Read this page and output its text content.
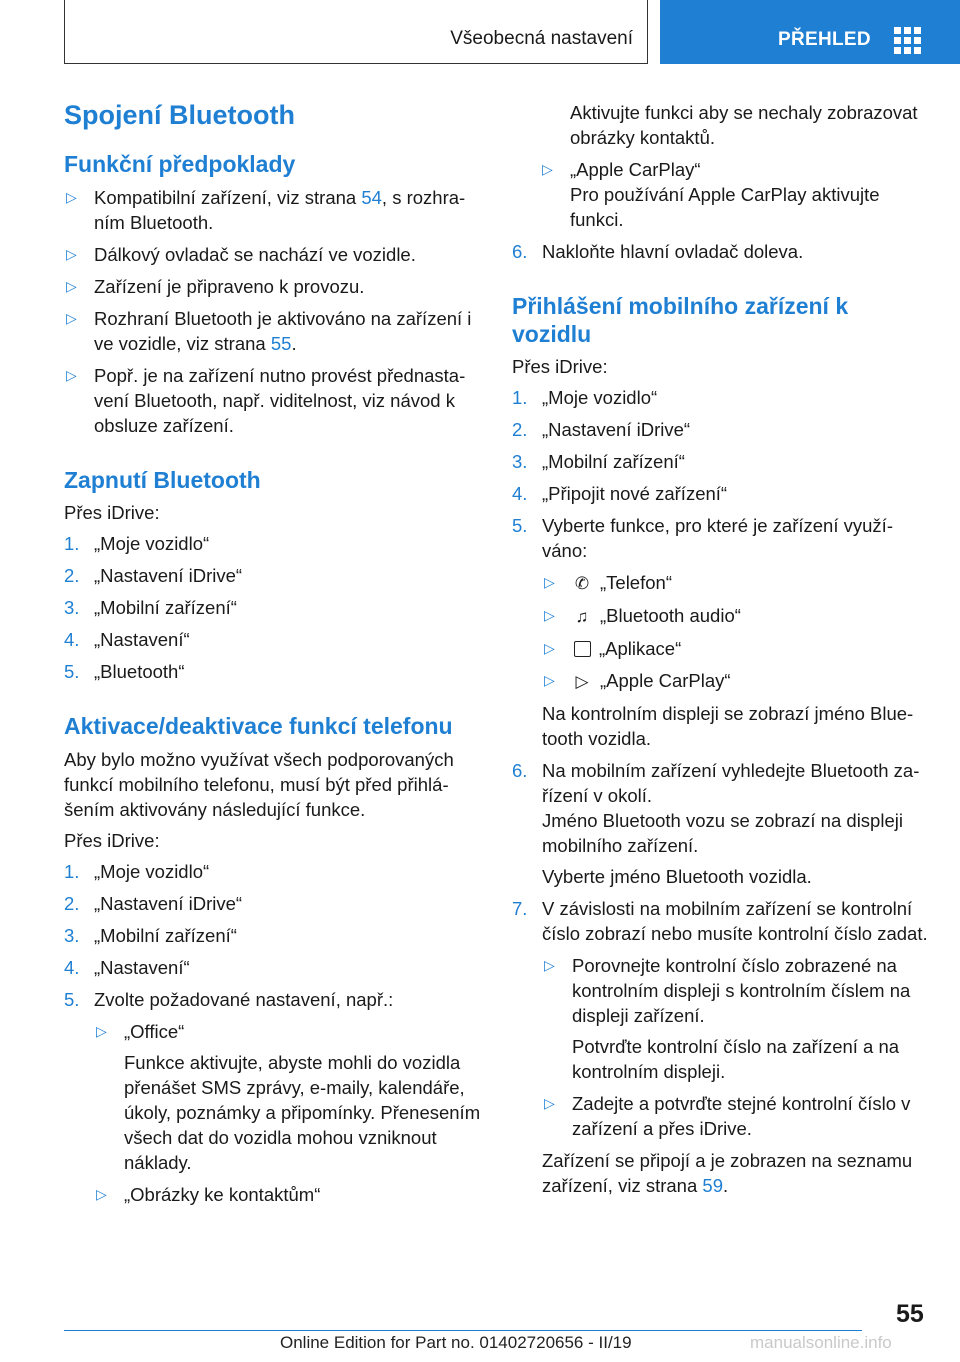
Všeobecná nastavení	PŘEHLED
Spojení Bluetooth
Funkční předpoklady
▷ Kompatibilní zařízení, viz strana 54, s rozhraním Bluetooth.
▷ Dálkový ovladač se nachází ve vozidle.
▷ Zařízení je připraveno k provozu.
▷ Rozhraní Bluetooth je aktivováno na zařízení i ve vozidle, viz strana 55.
▷ Popř. je na zařízení nutno provést přednastavení Bluetooth, např. viditelnost, viz návod k obsluze zařízení.
Zapnutí Bluetooth

Přes iDrive:

1. „Moje vozidlo“
2. „Nastavení iDrive“
3. „Mobilní zařízení“
4. „Nastavení“
5. „Bluetooth“
Aktivace/deaktivace funkcí telefonu

Aby bylo možno využívat všech podporovaných funkcí mobilního telefonu, musí být před přihlášením aktivovány následující funkce.

Přes iDrive:

1. „Moje vozidlo“
2. „Nastavení iDrive“
3. „Mobilní zařízení“
4. „Nastavení“
5. Zvolte požadované nastavení, např.:
▷ „Office“

Funkce aktivujte, abyste mohli do vozidla přenášet SMS zprávy, e-maily, kalendáře, úkoly, poznámky a připomínky. Přenesením všech dat do vozidla mohou vzniknout náklady.

▷ „Obrázky ke kontaktům“
Aktivujte funkci aby se nechaly zobrazovat obrázky kontaktů.
▷ „Apple CarPlay“

Pro používání Apple CarPlay aktivujte funkci.

6. Nakloňte hlavní ovladač doleva.
Přihlášení mobilního zařízení k vozidlu

Přes iDrive:

1. „Moje vozidlo“
2. „Nastavení iDrive“
3. „Mobilní zařízení“
4. „Připojit nové zařízení“
5. Vyberte funkce, pro které je zařízení využíváno:
▷ ✆ „Telefon“
▷ ♫ „Bluetooth audio“
▷ „Aplikace“
▷ ▷ „Apple CarPlay“

Na kontrolním displeji se zobrazí jméno Bluetooth vozidla.

6. Na mobilním zařízení vyhledejte Bluetooth zařízení v okolí.

Jméno Bluetooth vozu se zobrazí na displeji mobilního zařízení.

Vyberte jméno Bluetooth vozidla.

7. V závislosti na mobilním zařízení se kontrolní číslo zobrazí nebo musíte kontrolní číslo zadat.
▷ Porovnejte kontrolní číslo zobrazené na kontrolním displeji s kontrolním číslem na displeji zařízení.

Potvrďte kontrolní číslo na zařízení a na kontrolním displeji.

▷ Zadejte a potvrďte stejné kontrolní číslo v zařízení a přes iDrive.

Zařízení se připojí a je zobrazen na seznamu zařízení, viz strana 59.

55
Online Edition for Part no. 01402720656 - II/19	manualsonline.info
